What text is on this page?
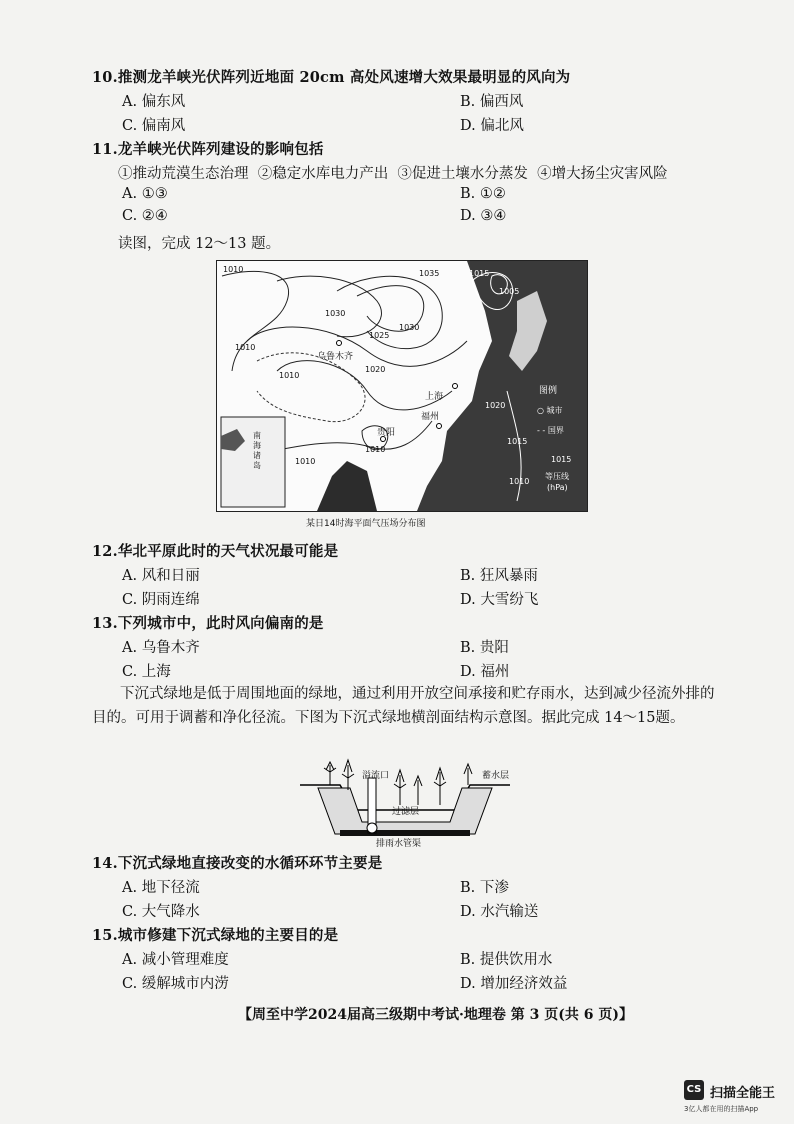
10.推测龙羊峡光伏阵列近地面 20cm 高处风速增大效果最明显的风向为
A. 偏东风	B. 偏西风
C. 偏南风	D. 偏北风
11.龙羊峡光伏阵列建设的影响包括
①推动荒漠生态治理  ②稳定水库电力产出  ③促进土壤水分蒸发  ④增大扬尘灾害风险
A. ①③	B. ①②
C. ②④	D. ③④
读图，完成 12～13 题。
1010	1035	1015
1005
1030
1025
1030
1010
1020
1010
1010
1020
1015
1010
1010
乌鲁木齐
上海
福州
贵阳
南海诸岛
图例
○ 城市
- - 国界
1015
等压线
(hPa)
某日14时海平面气压场分布图
12.华北平原此时的天气状况最可能是
A. 风和日丽	B. 狂风暴雨
C. 阴雨连绵	D. 大雪纷飞
13.下列城市中，此时风向偏南的是
A. 乌鲁木齐	B. 贵阳
C. 上海	D. 福州
下沉式绿地是低于周围地面的绿地，通过利用开放空间承接和贮存雨水，达到减少径流外排的目的。可用于调蓄和净化径流。下图为下沉式绿地横剖面结构示意图。据此完成 14～15题。
溢流口	蓄水层
过滤层
排雨水管渠
14.下沉式绿地直接改变的水循环环节主要是
A. 地下径流	B. 下渗
C. 大气降水	D. 水汽输送
15.城市修建下沉式绿地的主要目的是
A. 减小管理难度	B. 提供饮用水
C. 缓解城市内涝	D. 增加经济效益
【周至中学2024届高三级期中考试·地理卷 第 3 页(共 6 页)】
CS 扫描全能王
3亿人都在用的扫描App
